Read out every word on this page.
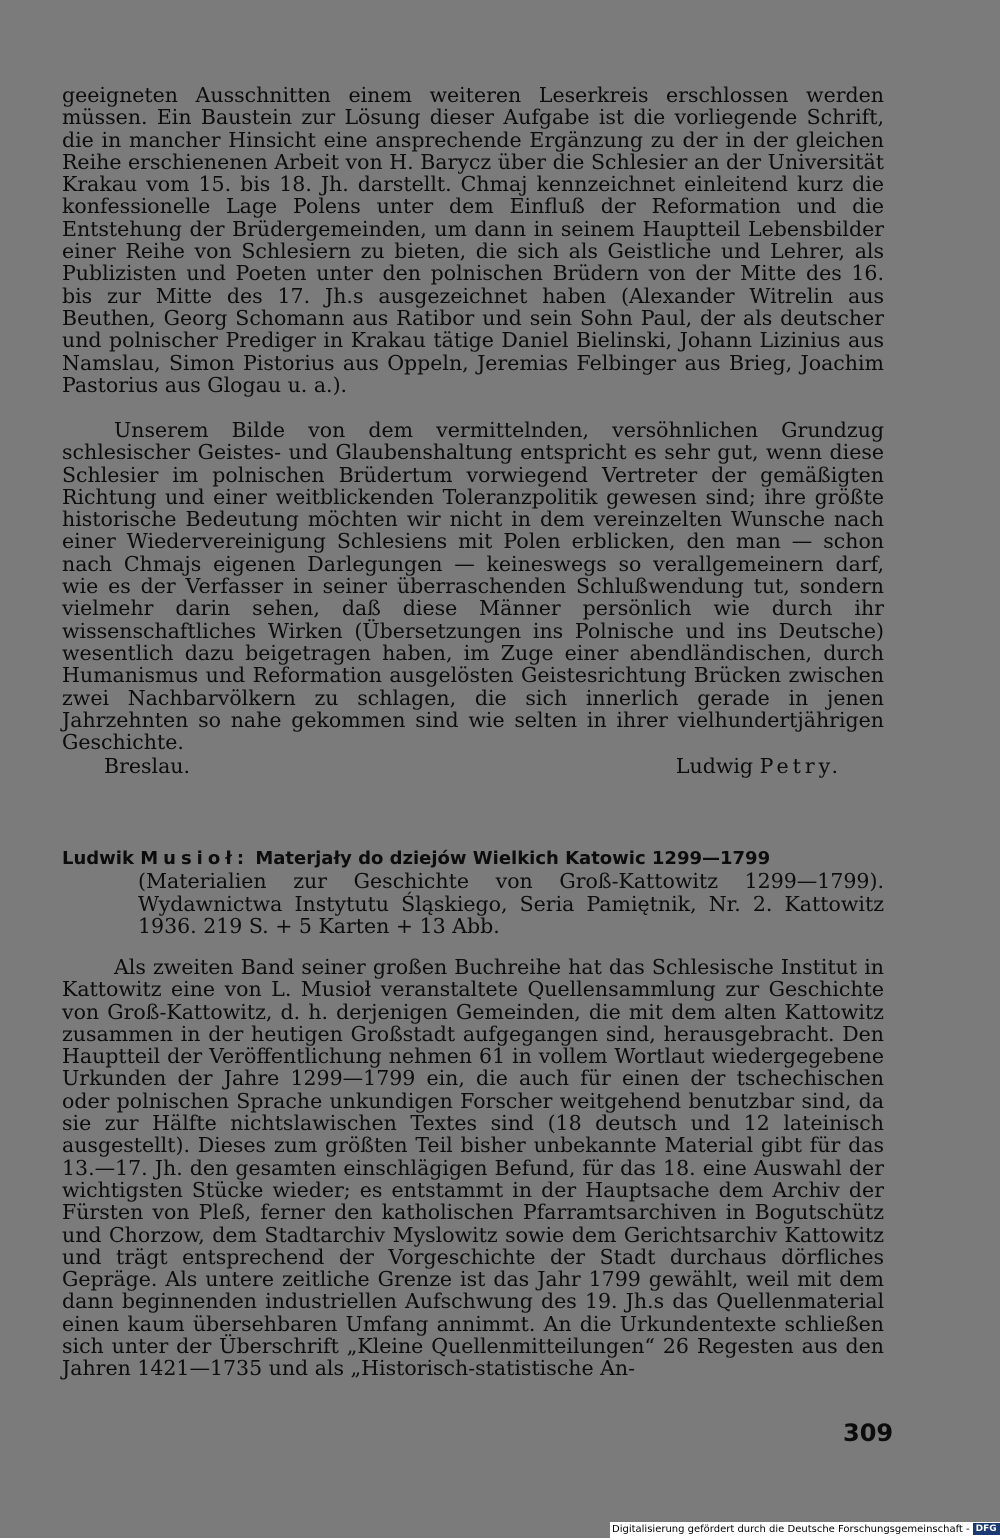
geeigneten Ausschnitten einem weiteren Leserkreis erschlossen werden müssen. Ein Baustein zur Lösung dieser Aufgabe ist die vorliegende Schrift, die in mancher Hinsicht eine ansprechende Ergänzung zu der in der gleichen Reihe erschienenen Arbeit von H. Barycz über die Schlesier an der Universität Krakau vom 15. bis 18. Jh. darstellt. Chmaj kennzeichnet einleitend kurz die konfessionelle Lage Polens unter dem Einfluß der Reformation und die Entstehung der Brüdergemeinden, um dann in seinem Hauptteil Lebensbilder einer Reihe von Schlesiern zu bieten, die sich als Geistliche und Lehrer, als Publizisten und Poeten unter den polnischen Brüdern von der Mitte des 16. bis zur Mitte des 17. Jh.s ausgezeichnet haben (Alexander Witrelin aus Beuthen, Georg Schomann aus Ratibor und sein Sohn Paul, der als deutscher und polnischer Prediger in Krakau tätige Daniel Bielinski, Johann Lizinius aus Namslau, Simon Pistorius aus Oppeln, Jeremias Felbinger aus Brieg, Joachim Pastorius aus Glogau u. a.).

Unserem Bilde von dem vermittelnden, versöhnlichen Grundzug schlesischer Geistes- und Glaubenshaltung entspricht es sehr gut, wenn diese Schlesier im polnischen Brüdertum vorwiegend Vertreter der gemäßigten Richtung und einer weitblickenden Toleranzpolitik gewesen sind; ihre größte historische Bedeutung möchten wir nicht in dem vereinzelten Wunsche nach einer Wiedervereinigung Schlesiens mit Polen erblicken, den man — schon nach Chmajs eigenen Darlegungen — keineswegs so verallgemeinern darf, wie es der Verfasser in seiner überraschenden Schlußwendung tut, sondern vielmehr darin sehen, daß diese Männer persönlich wie durch ihr wissenschaftliches Wirken (Übersetzungen ins Polnische und ins Deutsche) wesentlich dazu beigetragen haben, im Zuge einer abendländischen, durch Humanismus und Reformation ausgelösten Geistesrichtung Brücken zwischen zwei Nachbarvölkern zu schlagen, die sich innerlich gerade in jenen Jahrzehnten so nahe gekommen sind wie selten in ihrer vielhundertjährigen Geschichte.

Breslau.	Ludwig Petry.

Ludwik Musioł: Materjały do dziejów Wielkich Katowic 1299—1799

(Materialien zur Geschichte von Groß-Kattowitz 1299—1799). Wydawnictwa Instytutu Śląskiego, Seria Pamiętnik, Nr. 2. Kattowitz 1936. 219 S. + 5 Karten + 13 Abb.

Als zweiten Band seiner großen Buchreihe hat das Schlesische Institut in Kattowitz eine von L. Musioł veranstaltete Quellensammlung zur Geschichte von Groß-Kattowitz, d. h. derjenigen Gemeinden, die mit dem alten Kattowitz zusammen in der heutigen Großstadt aufgegangen sind, herausgebracht. Den Hauptteil der Veröffentlichung nehmen 61 in vollem Wortlaut wiedergegebene Urkunden der Jahre 1299—1799 ein, die auch für einen der tschechischen oder polnischen Sprache unkundigen Forscher weitgehend benutzbar sind, da sie zur Hälfte nichtslawischen Textes sind (18 deutsch und 12 lateinisch ausgestellt). Dieses zum größten Teil bisher unbekannte Material gibt für das 13.—17. Jh. den gesamten einschlägigen Befund, für das 18. eine Auswahl der wichtigsten Stücke wieder; es entstammt in der Hauptsache dem Archiv der Fürsten von Pleß, ferner den katholischen Pfarramtsarchiven in Bogutschütz und Chorzow, dem Stadtarchiv Myslowitz sowie dem Gerichtsarchiv Kattowitz und trägt entsprechend der Vorgeschichte der Stadt durchaus dörfliches Gepräge. Als untere zeitliche Grenze ist das Jahr 1799 gewählt, weil mit dem dann beginnenden industriellen Aufschwung des 19. Jh.s das Quellenmaterial einen kaum übersehbaren Umfang annimmt. An die Urkundentexte schließen sich unter der Überschrift „Kleine Quellenmitteilungen“ 26 Regesten aus den Jahren 1421—1735 und als „Historisch-statistische An-

309
Digitalisierung gefördert durch die Deutsche Forschungsgemeinschaft - DFG
